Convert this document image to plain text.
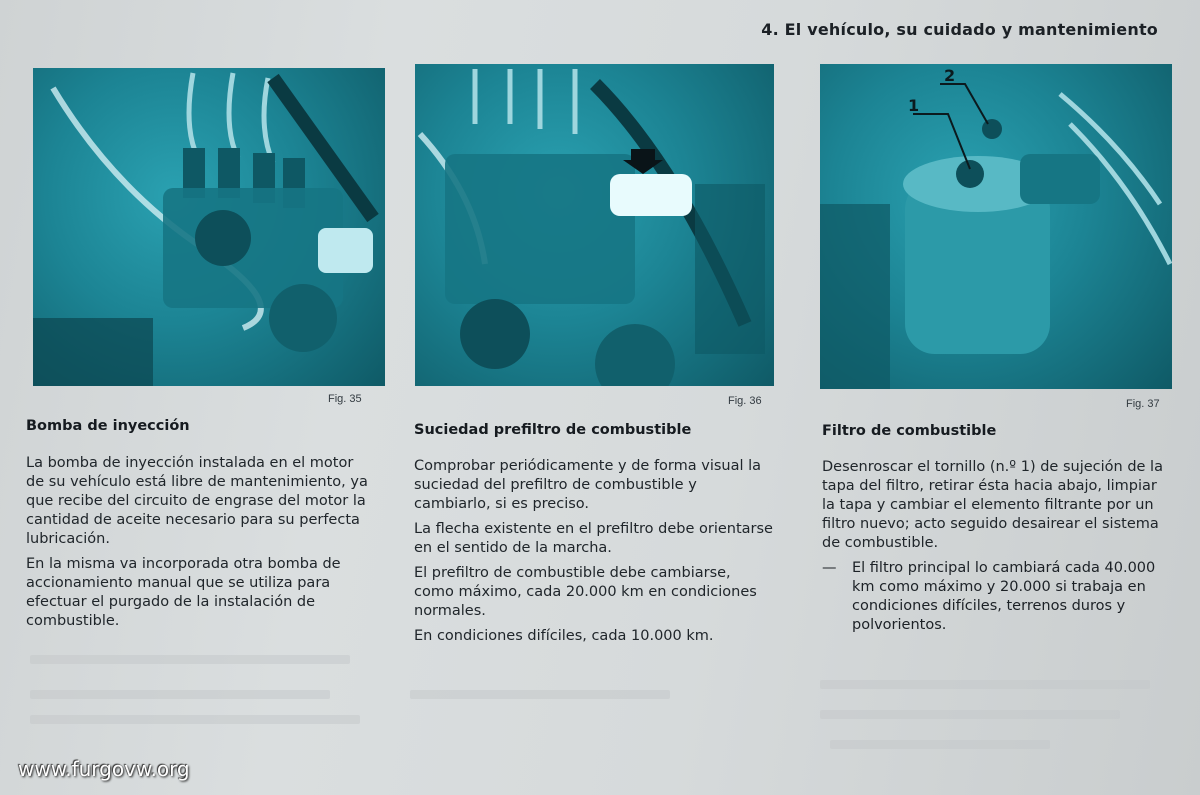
4. El vehículo, su cuidado y mantenimiento
Fig. 35	Fig. 36
1
2
Fig. 37
Bomba de inyección

La bomba de inyección instalada en el motor de su vehículo está libre de mantenimiento, ya que recibe del circuito de engrase del motor la cantidad de aceite necesario para su perfecta lubricación.

En la misma va incorporada otra bomba de accionamiento manual que se utiliza para efectuar el purgado de la instalación de combustible.

Suciedad prefiltro de combustible

Comprobar periódicamente y de forma visual la suciedad del prefiltro de combustible y cambiarlo, si es preciso.

La flecha existente en el prefiltro debe orientarse en el sentido de la marcha.

El prefiltro de combustible debe cambiarse, como máximo, cada 20.000 km en condiciones normales.

En condiciones difíciles, cada 10.000 km.

Filtro de combustible

Desenroscar el tornillo (n.º 1) de sujeción de la tapa del filtro, retirar ésta hacia abajo, limpiar la tapa y cambiar el elemento filtrante por un filtro nuevo; acto seguido desairear el sistema de combustible.

—	El filtro principal lo cambiará cada 40.000 km como máximo y 20.000 si trabaja en condiciones difíciles, terrenos duros y polvorientos.
www.furgovw.org
